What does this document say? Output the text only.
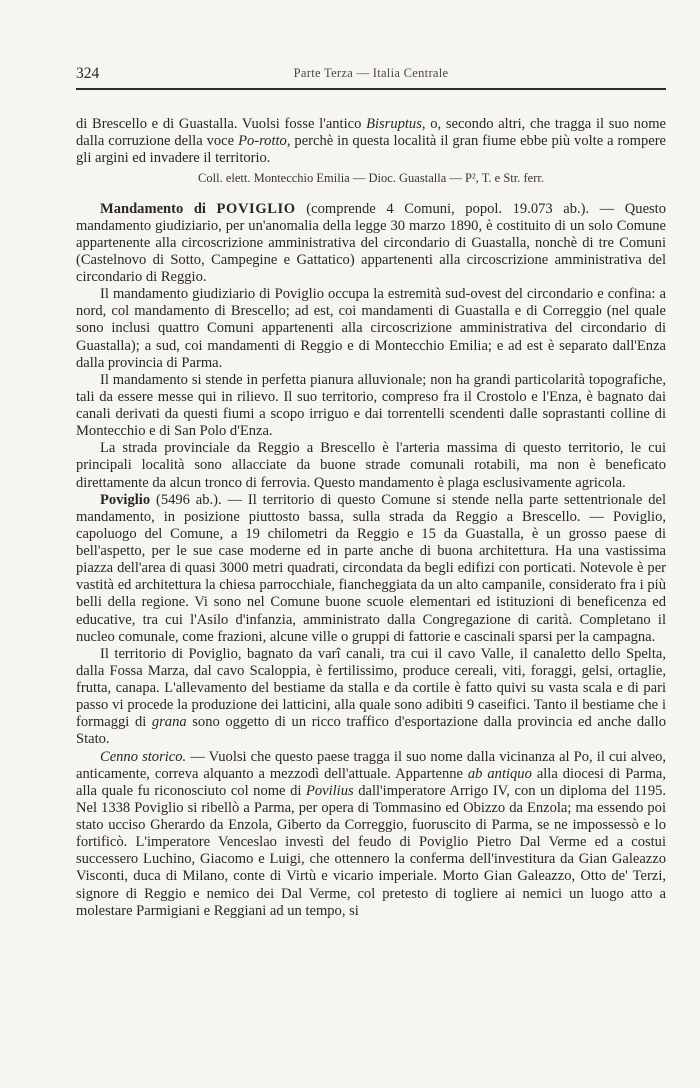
324	Parte Terza — Italia Centrale

di Brescello e di Guastalla. Vuolsi fosse l'antico Bisruptus, o, secondo altri, che tragga il suo nome dalla corruzione della voce Po-rotto, perchè in questa località il gran fiume ebbe più volte a rompere gli argini ed invadere il territorio.

Coll. elett. Montecchio Emilia — Dioc. Guastalla — P², T. e Str. ferr.

Mandamento di POVIGLIO (comprende 4 Comuni, popol. 19.073 ab.). — Questo mandamento giudiziario, per un'anomalia della legge 30 marzo 1890, è costituito di un solo Comune appartenente alla circoscrizione amministrativa del circondario di Guastalla, nonchè di tre Comuni (Castelnovo di Sotto, Campegine e Gattatico) appartenenti alla circoscrizione amministrativa del circondario di Reggio.

Il mandamento giudiziario di Poviglio occupa la estremità sud-ovest del circondario e confina: a nord, col mandamento di Brescello; ad est, coi mandamenti di Guastalla e di Correggio (nel quale sono inclusi quattro Comuni appartenenti alla circoscrizione amministrativa del circondario di Guastalla); a sud, coi mandamenti di Reggio e di Montecchio Emilia; e ad est è separato dall'Enza dalla provincia di Parma.

Il mandamento si stende in perfetta pianura alluvionale; non ha grandi particolarità topografiche, tali da essere messe qui in rilievo. Il suo territorio, compreso fra il Crostolo e l'Enza, è bagnato dai canali derivati da questi fiumi a scopo irriguo e dai torrentelli scendenti dalle soprastanti colline di Montecchio e di San Polo d'Enza.

La strada provinciale da Reggio a Brescello è l'arteria massima di questo territorio, le cui principali località sono allacciate da buone strade comunali rotabili, ma non è beneficato direttamente da alcun tronco di ferrovia. Questo mandamento è plaga esclusivamente agricola.

Poviglio (5496 ab.). — Il territorio di questo Comune si stende nella parte settentrionale del mandamento, in posizione piuttosto bassa, sulla strada da Reggio a Brescello. — Poviglio, capoluogo del Comune, a 19 chilometri da Reggio e 15 da Guastalla, è un grosso paese di bell'aspetto, per le sue case moderne ed in parte anche di buona architettura. Ha una vastissima piazza dell'area di quasi 3000 metri quadrati, circondata da begli edifizi con porticati. Notevole è per vastità ed architettura la chiesa parrocchiale, fiancheggiata da un alto campanile, considerato fra i più belli della regione. Vi sono nel Comune buone scuole elementari ed istituzioni di beneficenza ed educative, tra cui l'Asilo d'infanzia, amministrato dalla Congregazione di carità. Completano il nucleo comunale, come frazioni, alcune ville o gruppi di fattorie e cascinali sparsi per la campagna.

Il territorio di Poviglio, bagnato da varî canali, tra cui il cavo Valle, il canaletto dello Spelta, dalla Fossa Marza, dal cavo Scaloppia, è fertilissimo, produce cereali, viti, foraggi, gelsi, ortaglie, frutta, canapa. L'allevamento del bestiame da stalla e da cortile è fatto quivi su vasta scala e di pari passo vi procede la produzione dei latticini, alla quale sono adibiti 9 caseifici. Tanto il bestiame che i formaggi di grana sono oggetto di un ricco traffico d'esportazione dalla provincia ed anche dallo Stato.

Cenno storico. — Vuolsi che questo paese tragga il suo nome dalla vicinanza al Po, il cui alveo, anticamente, correva alquanto a mezzodì dell'attuale. Appartenne ab antiquo alla diocesi di Parma, alla quale fu riconosciuto col nome di Povilius dall'imperatore Arrigo IV, con un diploma del 1195. Nel 1338 Poviglio si ribellò a Parma, per opera di Tommasino ed Obizzo da Enzola; ma essendo poi stato ucciso Gherardo da Enzola, Giberto da Correggio, fuoruscito di Parma, se ne impossessò e lo fortificò. L'imperatore Venceslao investì del feudo di Poviglio Pietro Dal Verme ed a costui successero Luchino, Giacomo e Luigi, che ottennero la conferma dell'investitura da Gian Galeazzo Visconti, duca di Milano, conte di Virtù e vicario imperiale. Morto Gian Galeazzo, Otto de' Terzi, signore di Reggio e nemico dei Dal Verme, col pretesto di togliere ai nemici un luogo atto a molestare Parmigiani e Reggiani ad un tempo, si
